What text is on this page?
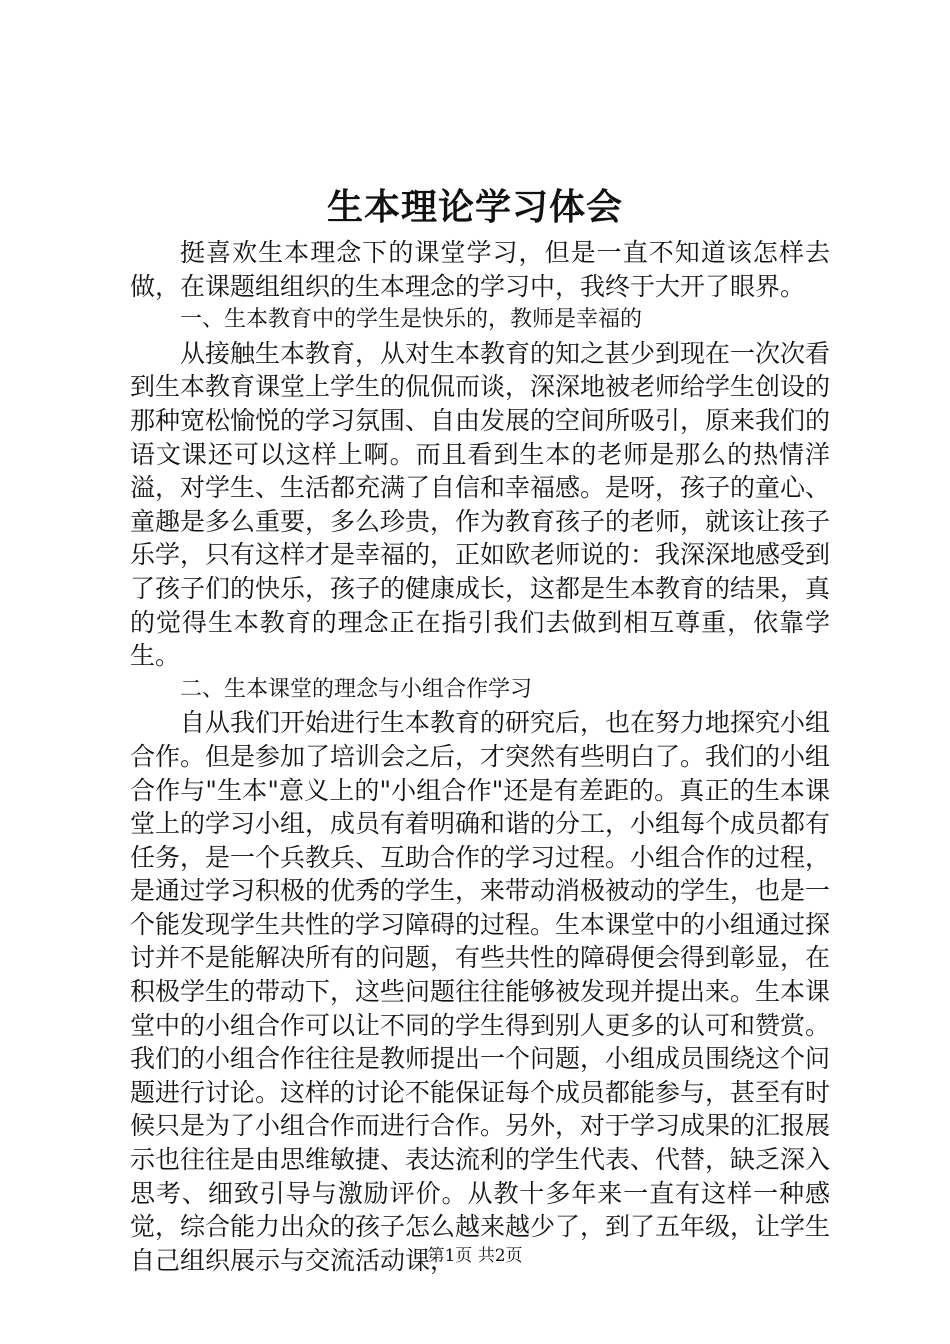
生本理论学习体会

挺喜欢生本理念下的课堂学习，但是一直不知道该怎样去做，在课题组组织的生本理念的学习中，我终于大开了眼界。

一、生本教育中的学生是快乐的，教师是幸福的

从接触生本教育，从对生本教育的知之甚少到现在一次次看到生本教育课堂上学生的侃侃而谈，深深地被老师给学生创设的那种宽松愉悦的学习氛围、自由发展的空间所吸引，原来我们的语文课还可以这样上啊。而且看到生本的老师是那么的热情洋溢，对学生、生活都充满了自信和幸福感。是呀，孩子的童心、童趣是多么重要，多么珍贵，作为教育孩子的老师，就该让孩子乐学，只有这样才是幸福的，正如欧老师说的：我深深地感受到了孩子们的快乐，孩子的健康成长，这都是生本教育的结果，真的觉得生本教育的理念正在指引我们去做到相互尊重，依靠学生。

二、生本课堂的理念与小组合作学习

自从我们开始进行生本教育的研究后，也在努力地探究小组合作。但是参加了培训会之后，才突然有些明白了。我们的小组合作与"生本"意义上的"小组合作"还是有差距的。真正的生本课堂上的学习小组，成员有着明确和谐的分工，小组每个成员都有任务，是一个兵教兵、互助合作的学习过程。小组合作的过程，是通过学习积极的优秀的学生，来带动消极被动的学生，也是一个能发现学生共性的学习障碍的过程。生本课堂中的小组通过探讨并不是能解决所有的问题，有些共性的障碍便会得到彰显，在积极学生的带动下，这些问题往往能够被发现并提出来。生本课堂中的小组合作可以让不同的学生得到别人更多的认可和赞赏。我们的小组合作往往是教师提出一个问题，小组成员围绕这个问题进行讨论。这样的讨论不能保证每个成员都能参与，甚至有时候只是为了小组合作而进行合作。另外，对于学习成果的汇报展示也往往是由思维敏捷、表达流利的学生代表、代替，缺乏深入思考、细致引导与激励评价。从教十多年来一直有这样一种感觉，综合能力出众的孩子怎么越来越少了，到了五年级，让学生自己组织展示与交流活动课，

第1页 共2页
